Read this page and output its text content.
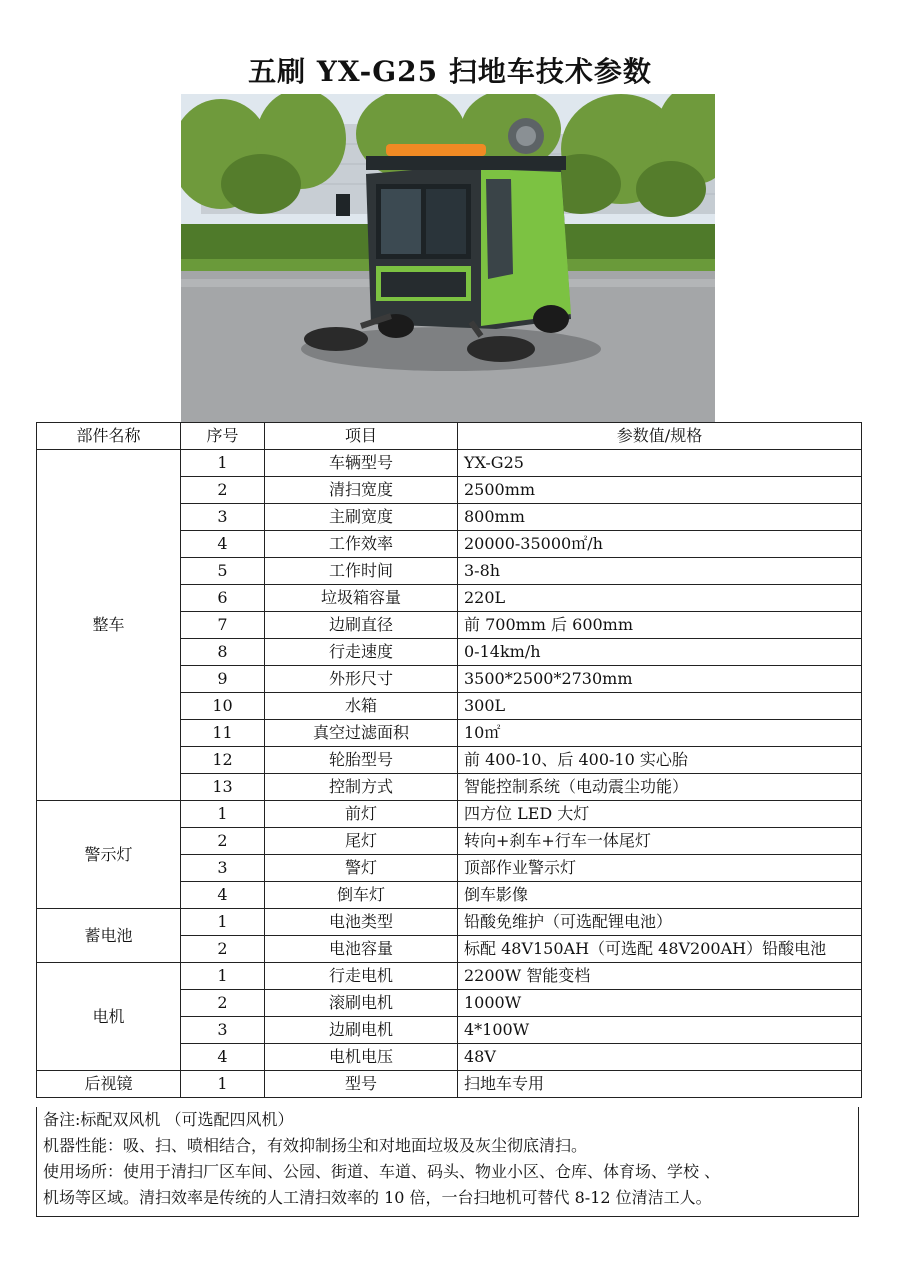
五刷 YX-G25 扫地车技术参数
部件名称	序号	项目	参数值/规格
整车	1	车辆型号	YX-G25
	2	清扫宽度	2500mm
	3	主刷宽度	800mm
	4	工作效率	20000-35000㎡/h
	5	工作时间	3-8h
	6	垃圾箱容量	220L
	7	边刷直径	前 700mm 后 600mm
	8	行走速度	0-14km/h
	9	外形尺寸	3500*2500*2730mm
	10	水箱	300L
	11	真空过滤面积	10㎡
	12	轮胎型号	前 400-10、后 400-10 实心胎
	13	控制方式	智能控制系统（电动震尘功能）
警示灯	1	前灯	四方位 LED 大灯
	2	尾灯	转向+刹车+行车一体尾灯
	3	警灯	顶部作业警示灯
	4	倒车灯	倒车影像
蓄电池	1	电池类型	铅酸免维护（可选配锂电池）
	2	电池容量	标配 48V150AH（可选配 48V200AH）铅酸电池
电机	1	行走电机	2200W 智能变档
	2	滚刷电机	1000W
	3	边刷电机	4*100W
	4	电机电压	48V
后视镜	1	型号	扫地车专用
备注:标配双风机 （可选配四风机）
机器性能：吸、扫、喷相结合，有效抑制扬尘和对地面垃圾及灰尘彻底清扫。
使用场所：使用于清扫厂区车间、公园、街道、车道、码头、物业小区、仓库、体育场、学校 、
机场等区域。清扫效率是传统的人工清扫效率的 10 倍，一台扫地机可替代 8-12 位清洁工人。
